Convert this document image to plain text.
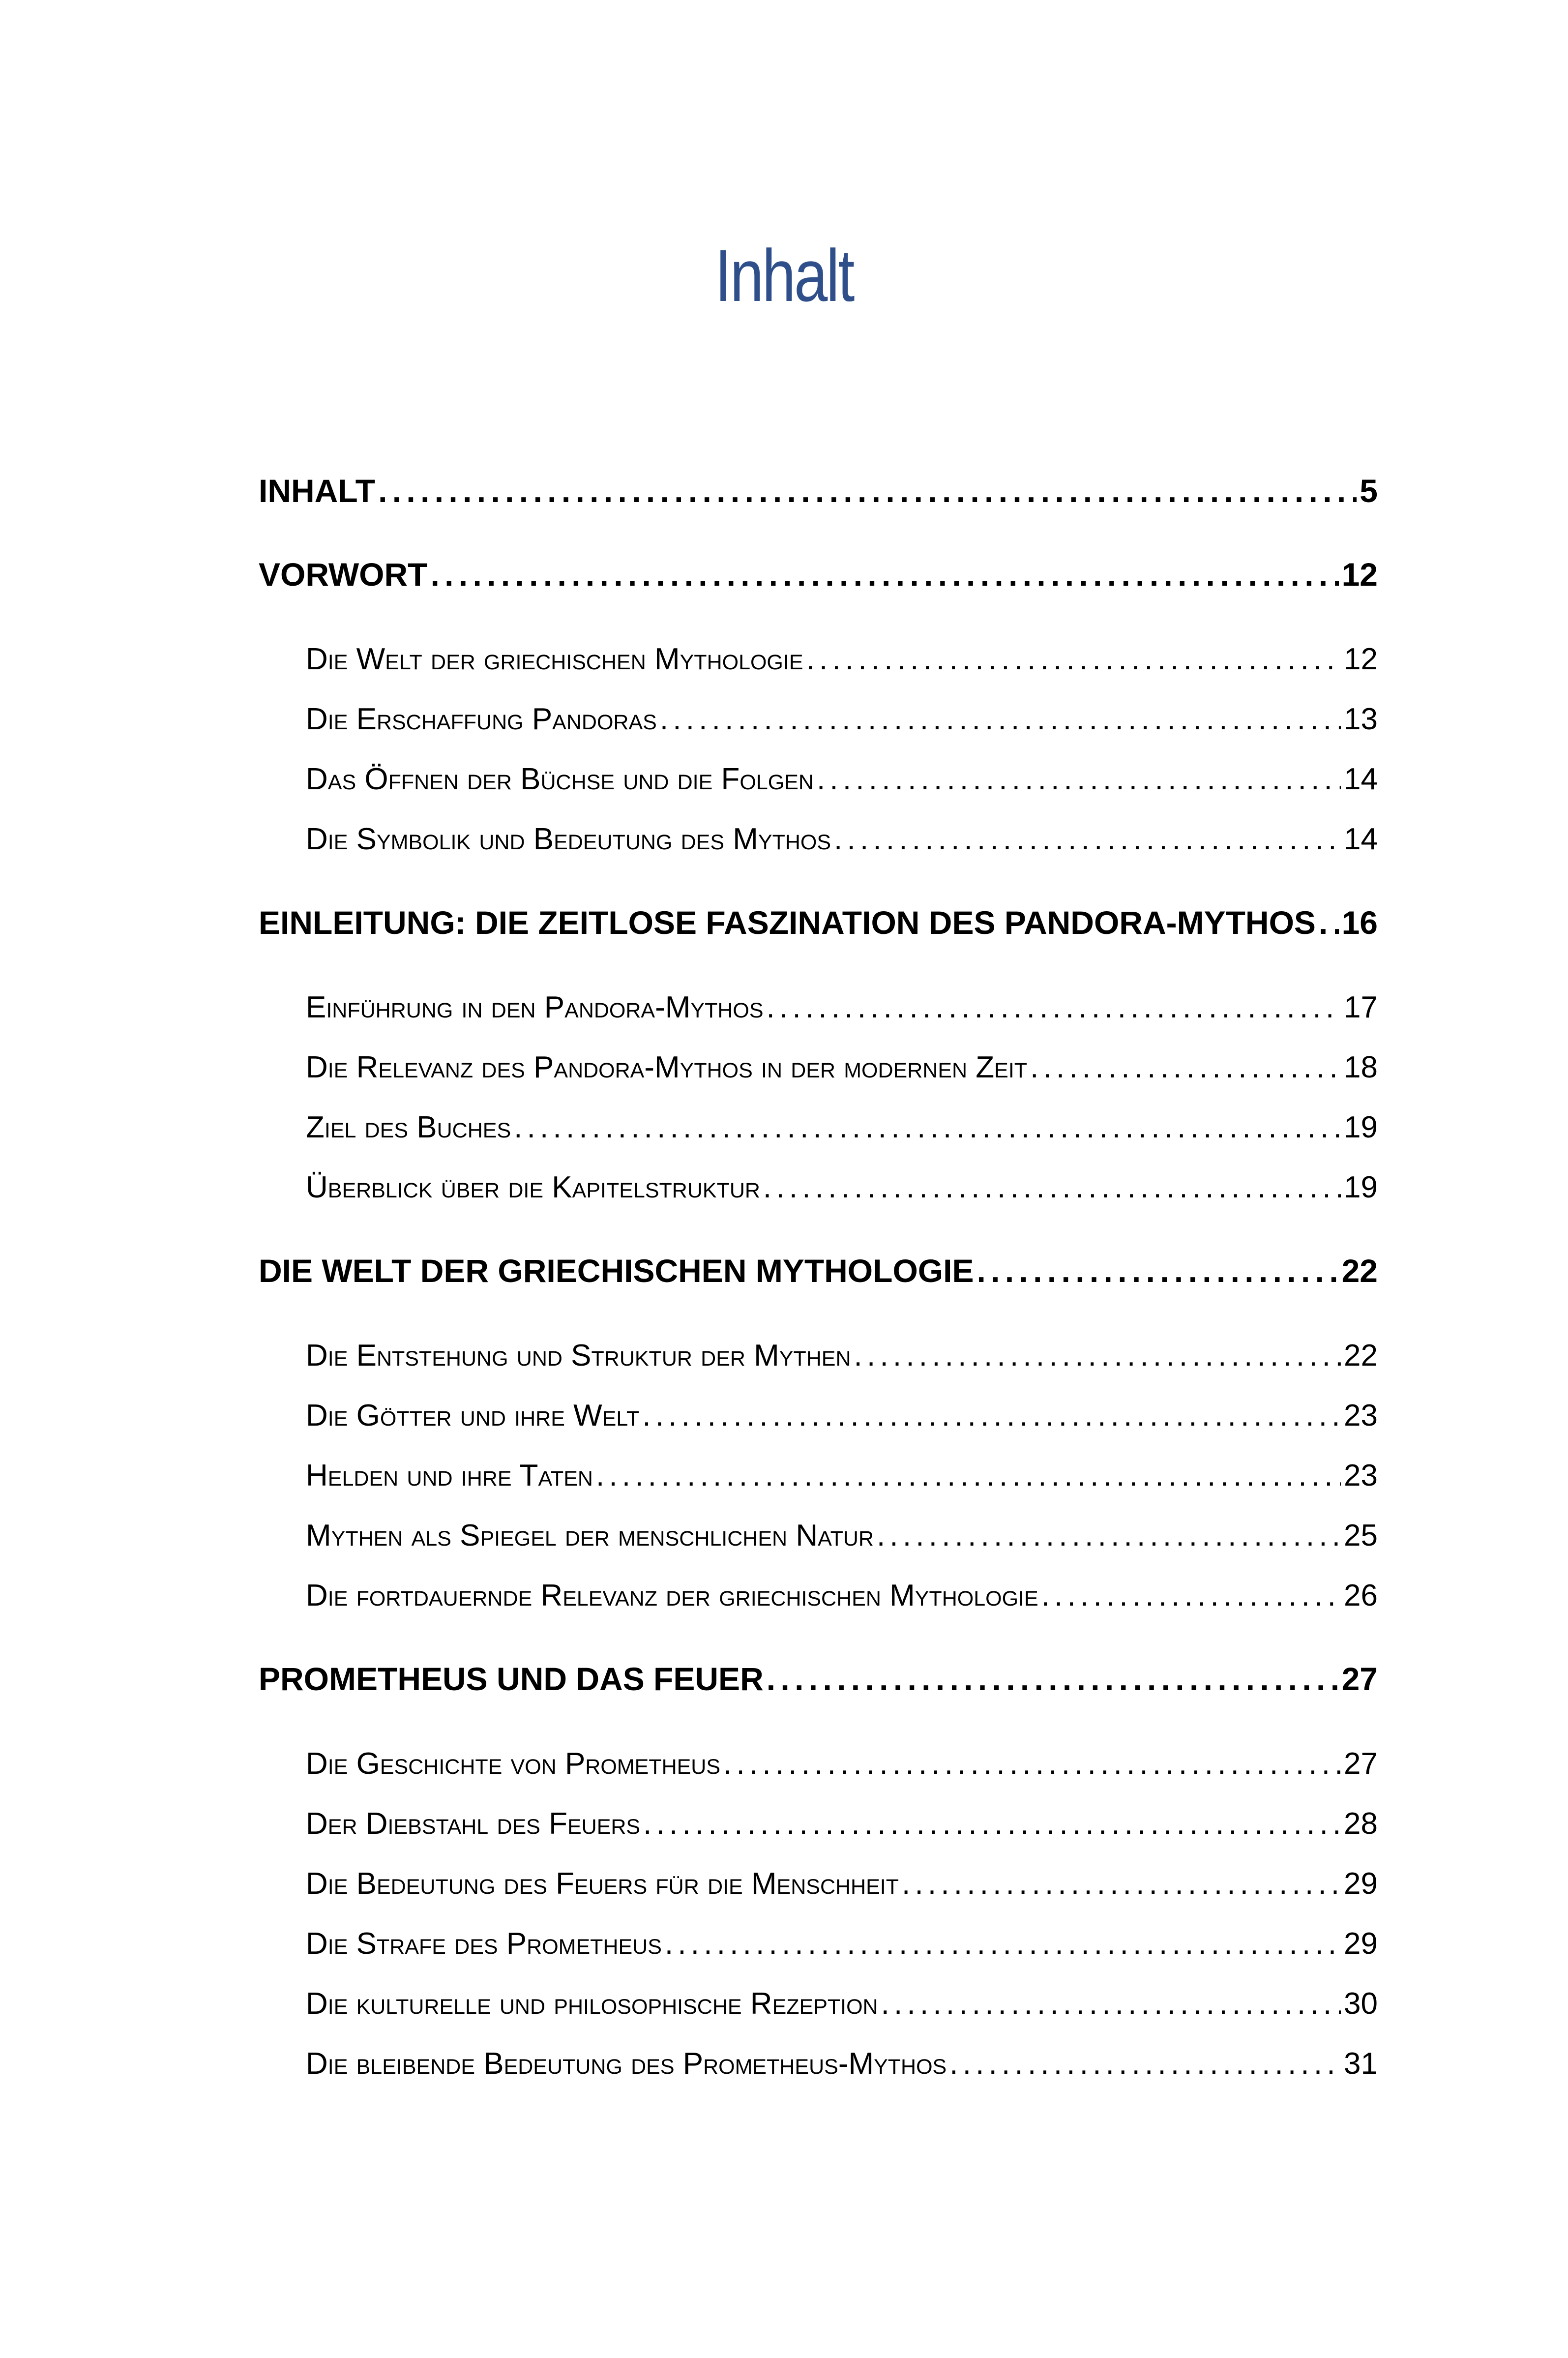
Inhalt
INHALT . . .	5
VORWORT . . .	12
Die Welt der griechischen Mythologie . . .	12
Die Erschaffung Pandoras . . .	13
Das Öffnen der Büchse und die Folgen . . .	14
Die Symbolik und Bedeutung des Mythos . . .	14
EINLEITUNG: DIE ZEITLOSE FASZINATION DES PANDORA-MYTHOS . . . 16
Einführung in den Pandora-Mythos . . .	17
Die Relevanz des Pandora-Mythos in der modernen Zeit . . .	18
Ziel des Buches . . .	19
Überblick über die Kapitelstruktur . . .	19
DIE WELT DER GRIECHISCHEN MYTHOLOGIE . . .	22
Die Entstehung und Struktur der Mythen . . .	22
Die Götter und ihre Welt . . .	23
Helden und ihre Taten . . .	23
Mythen als Spiegel der menschlichen Natur . . .	25
Die fortdauernde Relevanz der griechischen Mythologie . . .	26
PROMETHEUS UND DAS FEUER . . .	27
Die Geschichte von Prometheus . . .	27
Der Diebstahl des Feuers . . .	28
Die Bedeutung des Feuers für die Menschheit . . .	29
Die Strafe des Prometheus . . .	29
Die kulturelle und philosophische Rezeption . . .	30
Die bleibende Bedeutung des Prometheus-Mythos . . .	31
